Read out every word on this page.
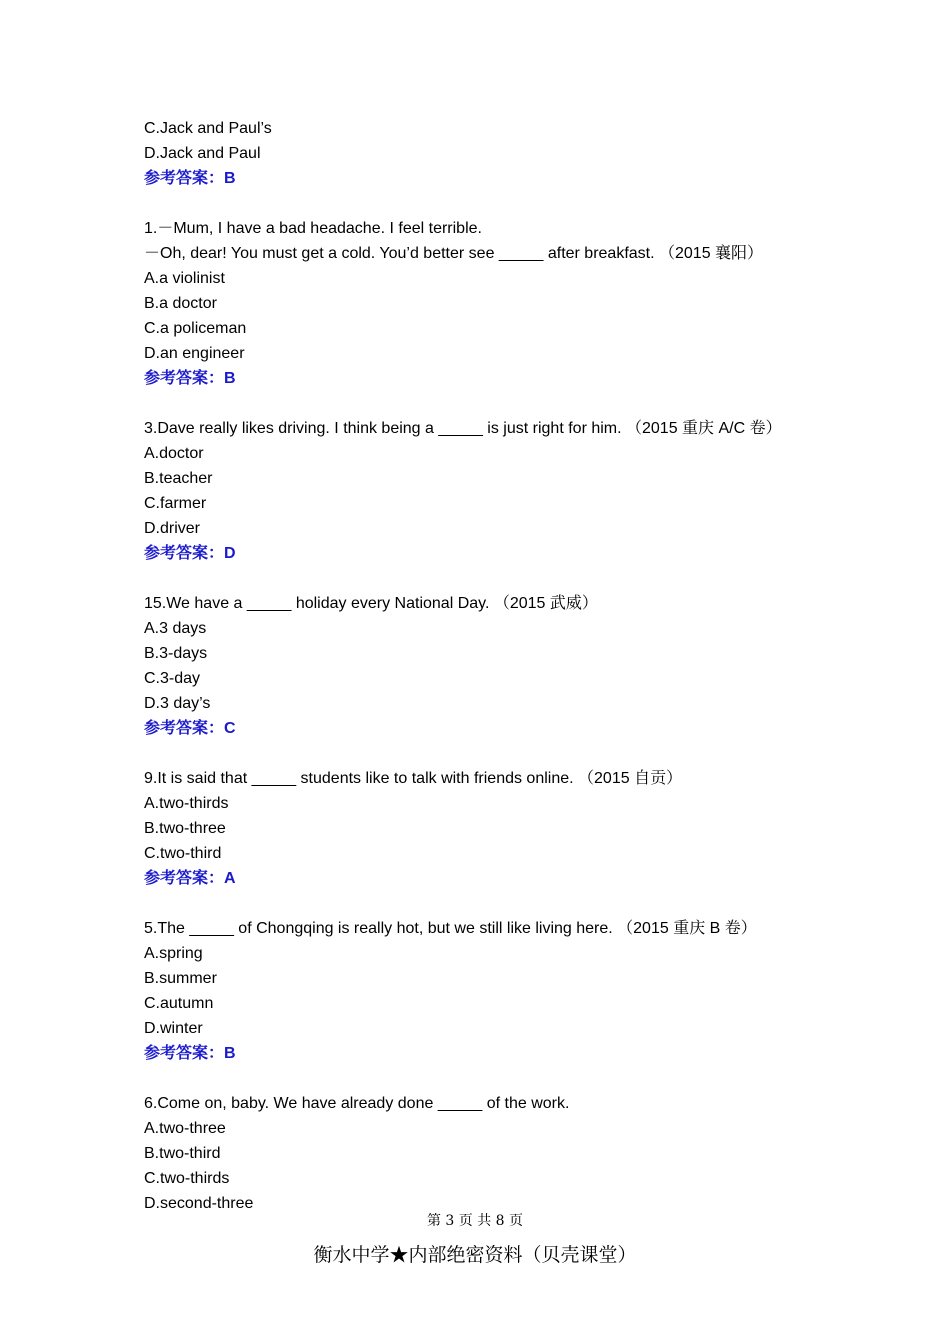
C.Jack and Paul’s
D.Jack and Paul
参考答案：B
1.－Mum, I have a bad headache. I feel terrible.
－Oh, dear! You must get a cold. You’d better see _____ after breakfast. （2015 襄阳）
A.a violinist
B.a doctor
C.a policeman
D.an engineer
参考答案：B
3.Dave really likes driving. I think being a _____ is just right for him. （2015 重庆 A/C 卷）
A.doctor
B.teacher
C.farmer
D.driver
参考答案：D
15.We have a _____ holiday every National Day. （2015 武威）
A.3 days
B.3-days
C.3-day
D.3 day’s
参考答案：C
9.It is said that _____ students like to talk with friends online. （2015 自贡）
A.two-thirds
B.two-three
C.two-third
参考答案：A
5.The _____ of Chongqing is really hot, but we still like living here. （2015 重庆 B 卷）
A.spring
B.summer
C.autumn
D.winter
参考答案：B
6.Come on, baby. We have already done _____ of the work.
A.two-three
B.two-third
C.two-thirds
D.second-three
第 3 页 共 8 页
衡水中学★内部绝密资料（贝壳课堂）
